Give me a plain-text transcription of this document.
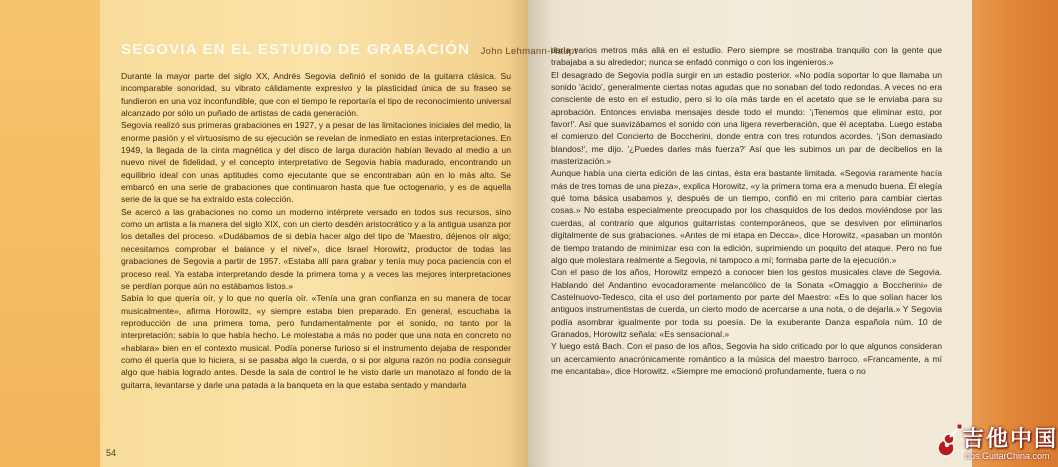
SEGOVIA EN EL ESTUDIO DE GRABACIÓN John Lehmann-Haupt

Durante la mayor parte del siglo XX, Andrés Segovia definió el sonido de la guitarra clásica. Su incomparable sonoridad, su vibrato cálidamente expresivo y la plasticidad única de su fraseo se fundieron en una voz inconfundible, que con el tiempo le reportaría el tipo de reconocimiento universal alcanzado por sólo un puñado de artistas de cada generación.

Segovia realizó sus primeras grabaciones en 1927, y a pesar de las limitaciones iniciales del medio, la enorme pasión y el virtuosismo de su ejecución se revelan de inmediato en estas interpretaciones. En 1949, la llegada de la cinta magnética y del disco de larga duración habían llevado al medio a un nuevo nivel de fidelidad, y el concepto interpretativo de Segovia había madurado, encontrando un equilibrio ideal con unas aptitudes como ejecutante que se encontraban aún en lo más alto. Se embarcó en una serie de grabaciones que continuaron hasta que fue octogenario, y es de aquella serie de la que se ha extraído esta colección.

Se acercó a las grabaciones no como un moderno intérprete versado en todos sus recursos, sino como un artista a la manera del siglo XIX, con un cierto desdén aristocrático y a la antigua usanza por los detalles del proceso. «Dudábamos de si debía hacer algo del tipo de 'Maestro, déjenos oír algo; necesitamos comprobar el balance y el nivel'», dice Israel Horowitz, productor de todas las grabaciones de Segovia a partir de 1957. «Estaba allí para grabar y tenía muy poca paciencia con el proceso real. Ya estaba interpretando desde la primera toma y a veces las mejores interpretaciones se perdían porque aún no estábamos listos.»

Sabía lo que quería oír, y lo que no quería oír. «Tenía una gran confianza en su manera de tocar musicalmente», afirma Horowitz, «y siempre estaba bien preparado. En general, escuchaba la reproducción de una primera toma, pero fundamentalmente por el sonido, no tanto por la interpretación; sabía lo que había hecho. Le molestaba a más no poder que una nota en concreto no «hablara» bien en el contexto musical. Podía ponerse furioso si el instrumento dejaba de responder como él quería que lo hiciera, si se pasaba algo la cuerda, o si por alguna razón no podía conseguir algo que había logrado antes. Desde la sala de control le he visto darle un manotazo al fondo de la guitarra, levantarse y darle una patada a la banqueta en la que estaba sentado y mandarla

darla varios metros más allá en el estudio. Pero siempre se mostraba tranquilo con la gente que trabajaba a su alrededor; nunca se enfadó conmigo o con los ingenieros.»

El desagrado de Segovia podía surgir en un estadio posterior. «No podía soportar lo que llamaba un sonido 'ácido', generalmente ciertas notas agudas que no sonaban del todo redondas. A veces no era consciente de esto en el estudio, pero si lo oía más tarde en el acetato que se le enviaba para su aprobación. Entonces enviaba mensajes desde todo el mundo: '¡Tenemos que eliminar esto, por favor!'. Así que suavizábamos el sonido con una ligera reverberación, que él aceptaba. Luego estaba el comienzo del Concierto de Boccherini, donde entra con tres rotundos acordes. '¡Son demasiado blandos!', me dijo. '¿Puedes darles más fuerza?' Así que les subimos un par de decibelios en la masterización.»

Aunque había una cierta edición de las cintas, ésta era bastante limitada. «Segovia raramente hacía más de tres tomas de una pieza», explica Horowitz, «y la primera toma era a menudo buena. Él elegía qué toma básica usabamos y, después de un tiempo, confió en mi criterio para cambiar ciertas cosas.» No estaba especialmente preocupado por los chasquidos de los dedos moviéndose por las cuerdas, al contrario que algunos guitarristas contemporáneos, que se desviven por eliminarlos digitalmente de sus grabaciones. «Antes de mi etapa en Decca», dice Horowitz, «pasaban un montón de tiempo tratando de minimizar eso con la edición, suprimiendo un poquito del ataque. Pero no fue algo que molestara realmente a Segovia, ni tampoco a mí; formaba parte de la ejecución.»

Con el paso de los años, Horowitz empezó a conocer bien los gestos musicales clave de Segovia. Hablando del Andantino evocadoramente melancólico de la Sonata «Omaggio a Boccherini» de Castelnuovo-Tedesco, cita el uso del portamento por parte del Maestro: «Es lo que solían hacer los antiguos instrumentistas de cuerda, un cierto modo de acercarse a una nota, o de dejarla.» Y Segovia podía asombrar igualmente por toda su poesía. De la exuberante Danza española núm. 10 de Granados, Horowitz señala: «Es sensacional.»

Y luego está Bach. Con el paso de los años, Segovia ha sido criticado por lo que algunos consideran un acercamiento anacrónicamente romántico a la música del maestro barroco. «Francamente, a mí me encantaba», dice Horowitz. «Siempre me emocionó profundamente, fuera o no

54
吉他中国
bbs.GuitarChina.com
